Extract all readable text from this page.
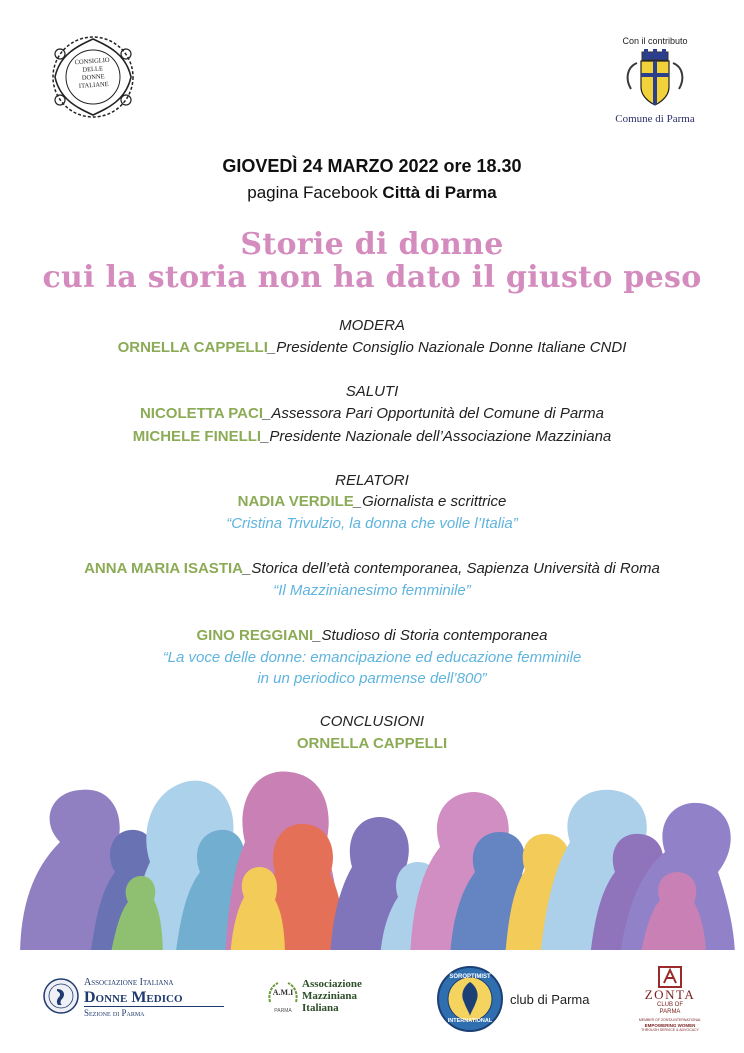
CONSIGLIO
DELLE
DONNE
ITALIANE
Con il contributo
Comune di Parma
GIOVEDÌ 24 MARZO 2022 ore 18.30
pagina Facebook Città di Parma
Storie di donne
cui la storia non ha dato il giusto peso
MODERA
ORNELLA CAPPELLI_Presidente Consiglio Nazionale Donne Italiane CNDI
SALUTI
NICOLETTA PACI_Assessora Pari Opportunità del Comune di Parma
MICHELE FINELLI_Presidente Nazionale dell’Associazione Mazziniana
RELATORI
NADIA VERDILE_Giornalista e scrittrice
“Cristina Trivulzio, la donna che volle l’Italia”
ANNA MARIA ISASTIA_Storica dell’età contemporanea, Sapienza Università di Roma
“Il Mazzinianesimo femminile”
GINO REGGIANI_Studioso di Storia contemporanea
“La voce delle donne: emancipazione ed educazione femminile
in un periodico parmense dell’800”
CONCLUSIONI
ORNELLA CAPPELLI
Associazione Italiana
Donne Medico
Sezione di Parma
A.M.I
PARMA
Associazione
Mazziniana
Italiana
SOROPTIMIST
INTERNATIONAL
club di Parma	ZONTA
CLUB OF
PARMA
MEMBER OF ZONTA INTERNATIONAL
EMPOWERING WOMEN
THROUGH SERVICE & ADVOCACY
